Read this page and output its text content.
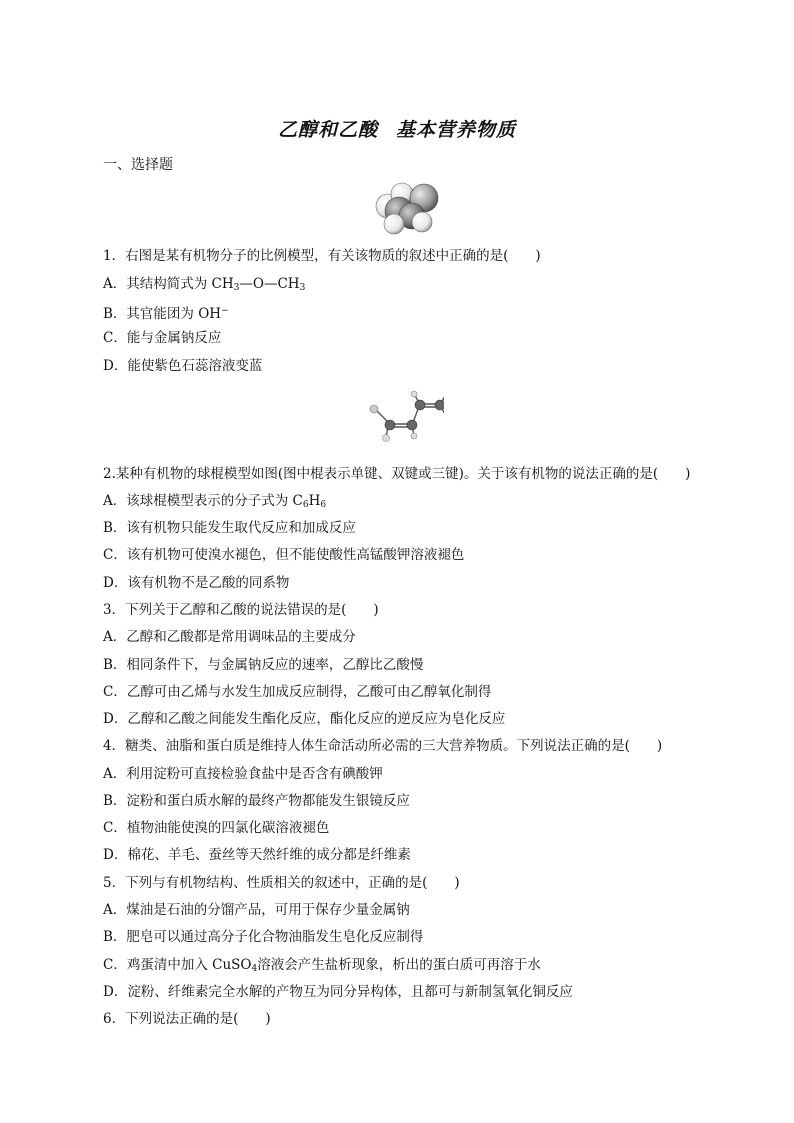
乙醇和乙酸 基本营养物质
一、选择题
1．右图是某有机物分子的比例模型，有关该物质的叙述中正确的是(　　)
A．其结构简式为 $CH_3—O—CH_3$
B．其官能团为 OH−
C．能与金属钠反应
D．能使紫色石蕊溶液变蓝
2.某种有机物的球棍模型如图(图中棍表示单键、双键或三键)。关于该有机物的说法正确的是(　　)
A．该球棍模型表示的分子式为 $C_6H_6$
B．该有机物只能发生取代反应和加成反应
C．该有机物可使溴水褪色，但不能使酸性高锰酸钾溶液褪色
D．该有机物不是乙酸的同系物
3．下列关于乙醇和乙酸的说法错误的是(　　)
A．乙醇和乙酸都是常用调味品的主要成分
B．相同条件下，与金属钠反应的速率，乙醇比乙酸慢
C．乙醇可由乙烯与水发生加成反应制得，乙酸可由乙醇氧化制得
D．乙醇和乙酸之间能发生酯化反应，酯化反应的逆反应为皂化反应
4．糖类、油脂和蛋白质是维持人体生命活动所必需的三大营养物质。下列说法正确的是(　　)
A．利用淀粉可直接检验食盐中是否含有碘酸钾
B．淀粉和蛋白质水解的最终产物都能发生银镜反应
C．植物油能使溴的四氯化碳溶液褪色
D．棉花、羊毛、蚕丝等天然纤维的成分都是纤维素
5．下列与有机物结构、性质相关的叙述中，正确的是(　　)
A．煤油是石油的分馏产品，可用于保存少量金属钠
B．肥皂可以通过高分子化合物油脂发生皂化反应制得
C．鸡蛋清中加入 CuSO$_4$溶液会产生盐析现象，析出的蛋白质可再溶于水
D．淀粉、纤维素完全水解的产物互为同分异构体，且都可与新制氢氧化铜反应
6．下列说法正确的是(　　)
